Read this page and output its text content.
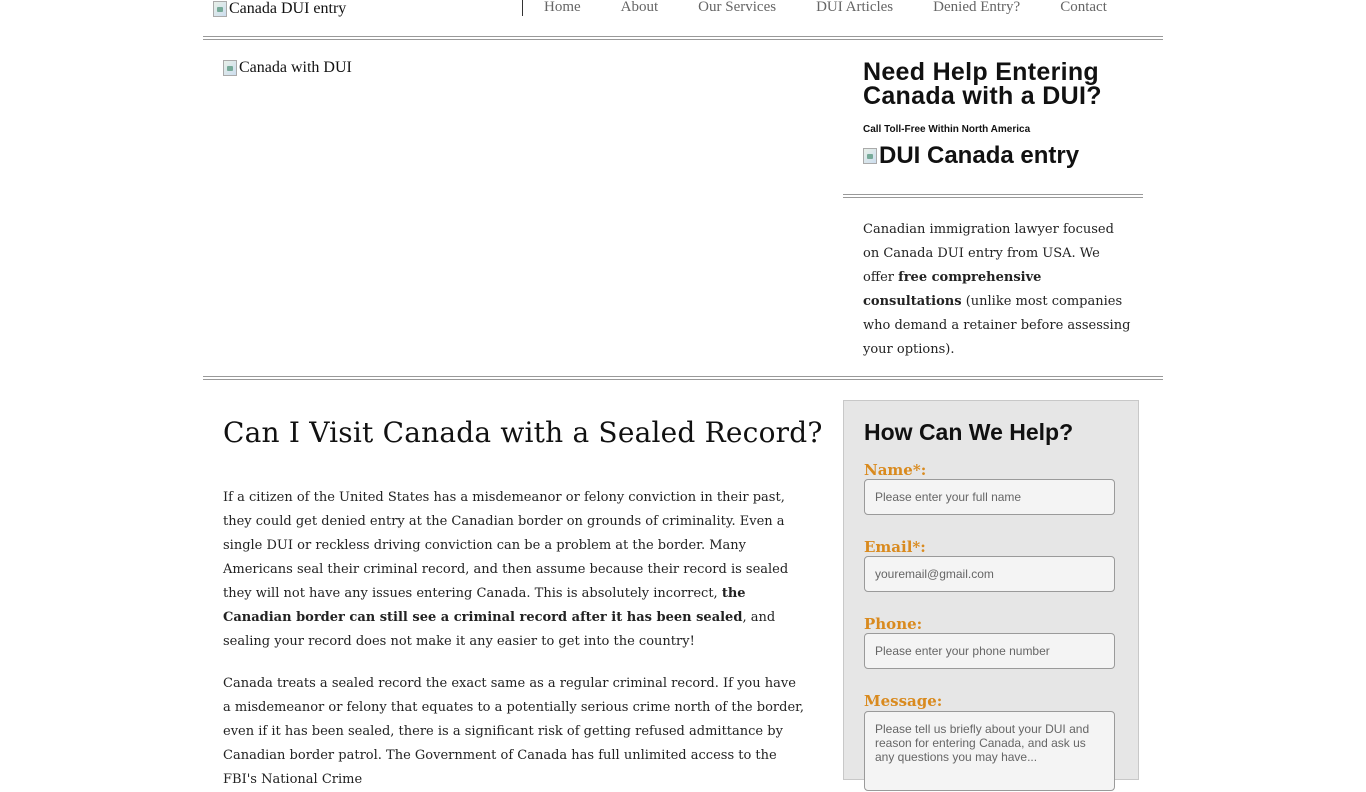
Canada DUI entry	Home	About	Our Services	DUI Articles	Denied Entry?	Contact
Canada with DUI	Need Help Entering Canada with a DUI?
Call Toll-Free Within North America
DUI Canada entry
Canadian immigration lawyer focused on Canada DUI entry from USA. We offer free comprehensive consultations (unlike most companies who demand a retainer before assessing your options).
Can I Visit Canada with a Sealed Record?

If a citizen of the United States has a misdemeanor or felony conviction in their past, they could get denied entry at the Canadian border on grounds of criminality. Even a single DUI or reckless driving conviction can be a problem at the border. Many Americans seal their criminal record, and then assume because their record is sealed they will not have any issues entering Canada. This is absolutely incorrect, the Canadian border can still see a criminal record after it has been sealed, and sealing your record does not make it any easier to get into the country!

Canada treats a sealed record the exact same as a regular criminal record. If you have a misdemeanor or felony that equates to a potentially serious crime north of the border, even if it has been sealed, there is a significant risk of getting refused admittance by Canadian border patrol. The Government of Canada has full unlimited access to the FBI's National Crime

How Can We Help?
Name*:
Please enter your full name
Email*:
youremail@gmail.com
Phone:
Please enter your phone number
Message:
Please tell us briefly about your DUI and reason for entering Canada, and ask us any questions you may have...
